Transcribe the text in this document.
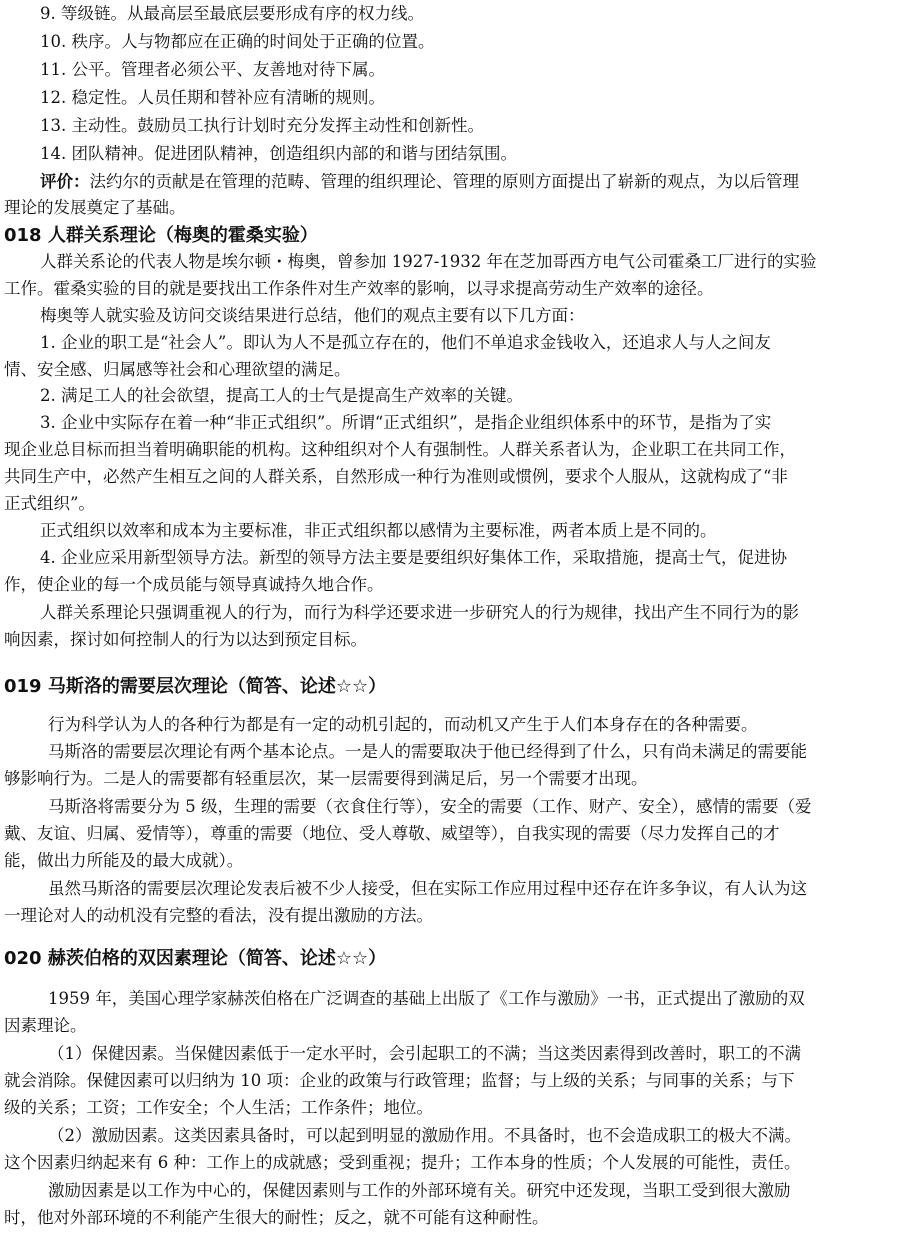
9. 等级链。从最高层至最底层要形成有序的权力线。
10. 秩序。人与物都应在正确的时间处于正确的位置。
11. 公平。管理者必须公平、友善地对待下属。
12. 稳定性。人员任期和替补应有清晰的规则。
13. 主动性。鼓励员工执行计划时充分发挥主动性和创新性。
14. 团队精神。促进团队精神，创造组织内部的和谐与团结氛围。
评价：法约尔的贡献是在管理的范畴、管理的组织理论、管理的原则方面提出了崭新的观点，为以后管理
理论的发展奠定了基础。
018 人群关系理论（梅奥的霍桑实验）
人群关系论的代表人物是埃尔顿・梅奥，曾参加 1927-1932 年在芝加哥西方电气公司霍桑工厂进行的实验
工作。霍桑实验的目的就是要找出工作条件对生产效率的影响，以寻求提高劳动生产效率的途径。
梅奥等人就实验及访问交谈结果进行总结，他们的观点主要有以下几方面：
1. 企业的职工是“社会人”。即认为人不是孤立存在的，他们不单追求金钱收入，还追求人与人之间友
情、安全感、归属感等社会和心理欲望的满足。
2. 满足工人的社会欲望，提高工人的士气是提高生产效率的关键。
3. 企业中实际存在着一种“非正式组织”。所谓“正式组织”，是指企业组织体系中的环节，是指为了实
现企业总目标而担当着明确职能的机构。这种组织对个人有强制性。人群关系者认为，企业职工在共同工作，
共同生产中，必然产生相互之间的人群关系，自然形成一种行为准则或惯例，要求个人服从，这就构成了“非
正式组织”。
正式组织以效率和成本为主要标准，非正式组织都以感情为主要标准，两者本质上是不同的。
4. 企业应采用新型领导方法。新型的领导方法主要是要组织好集体工作，采取措施，提高士气，促进协
作，使企业的每一个成员能与领导真诚持久地合作。
人群关系理论只强调重视人的行为，而行为科学还要求进一步研究人的行为规律，找出产生不同行为的影
响因素，探讨如何控制人的行为以达到预定目标。
019 马斯洛的需要层次理论（简答、论述☆☆）
行为科学认为人的各种行为都是有一定的动机引起的，而动机又产生于人们本身存在的各种需要。
马斯洛的需要层次理论有两个基本论点。一是人的需要取决于他已经得到了什么，只有尚未满足的需要能
够影响行为。二是人的需要都有轻重层次，某一层需要得到满足后，另一个需要才出现。
马斯洛将需要分为 5 级，生理的需要（衣食住行等），安全的需要（工作、财产、安全），感情的需要（爱
戴、友谊、归属、爱情等），尊重的需要（地位、受人尊敬、威望等），自我实现的需要（尽力发挥自己的才
能，做出力所能及的最大成就）。
虽然马斯洛的需要层次理论发表后被不少人接受，但在实际工作应用过程中还存在许多争议，有人认为这
一理论对人的动机没有完整的看法，没有提出激励的方法。
020 赫茨伯格的双因素理论（简答、论述☆☆）
1959 年，美国心理学家赫茨伯格在广泛调查的基础上出版了《工作与激励》一书，正式提出了激励的双
因素理论。
（1）保健因素。当保健因素低于一定水平时，会引起职工的不满；当这类因素得到改善时，职工的不满
就会消除。保健因素可以归纳为 10 项：企业的政策与行政管理；监督；与上级的关系；与同事的关系；与下
级的关系；工资；工作安全；个人生活；工作条件；地位。
（2）激励因素。这类因素具备时，可以起到明显的激励作用。不具备时，也不会造成职工的极大不满。
这个因素归纳起来有 6 种：工作上的成就感；受到重视；提升；工作本身的性质；个人发展的可能性，责任。
激励因素是以工作为中心的，保健因素则与工作的外部环境有关。研究中还发现，当职工受到很大激励
时，他对外部环境的不利能产生很大的耐性；反之，就不可能有这种耐性。
